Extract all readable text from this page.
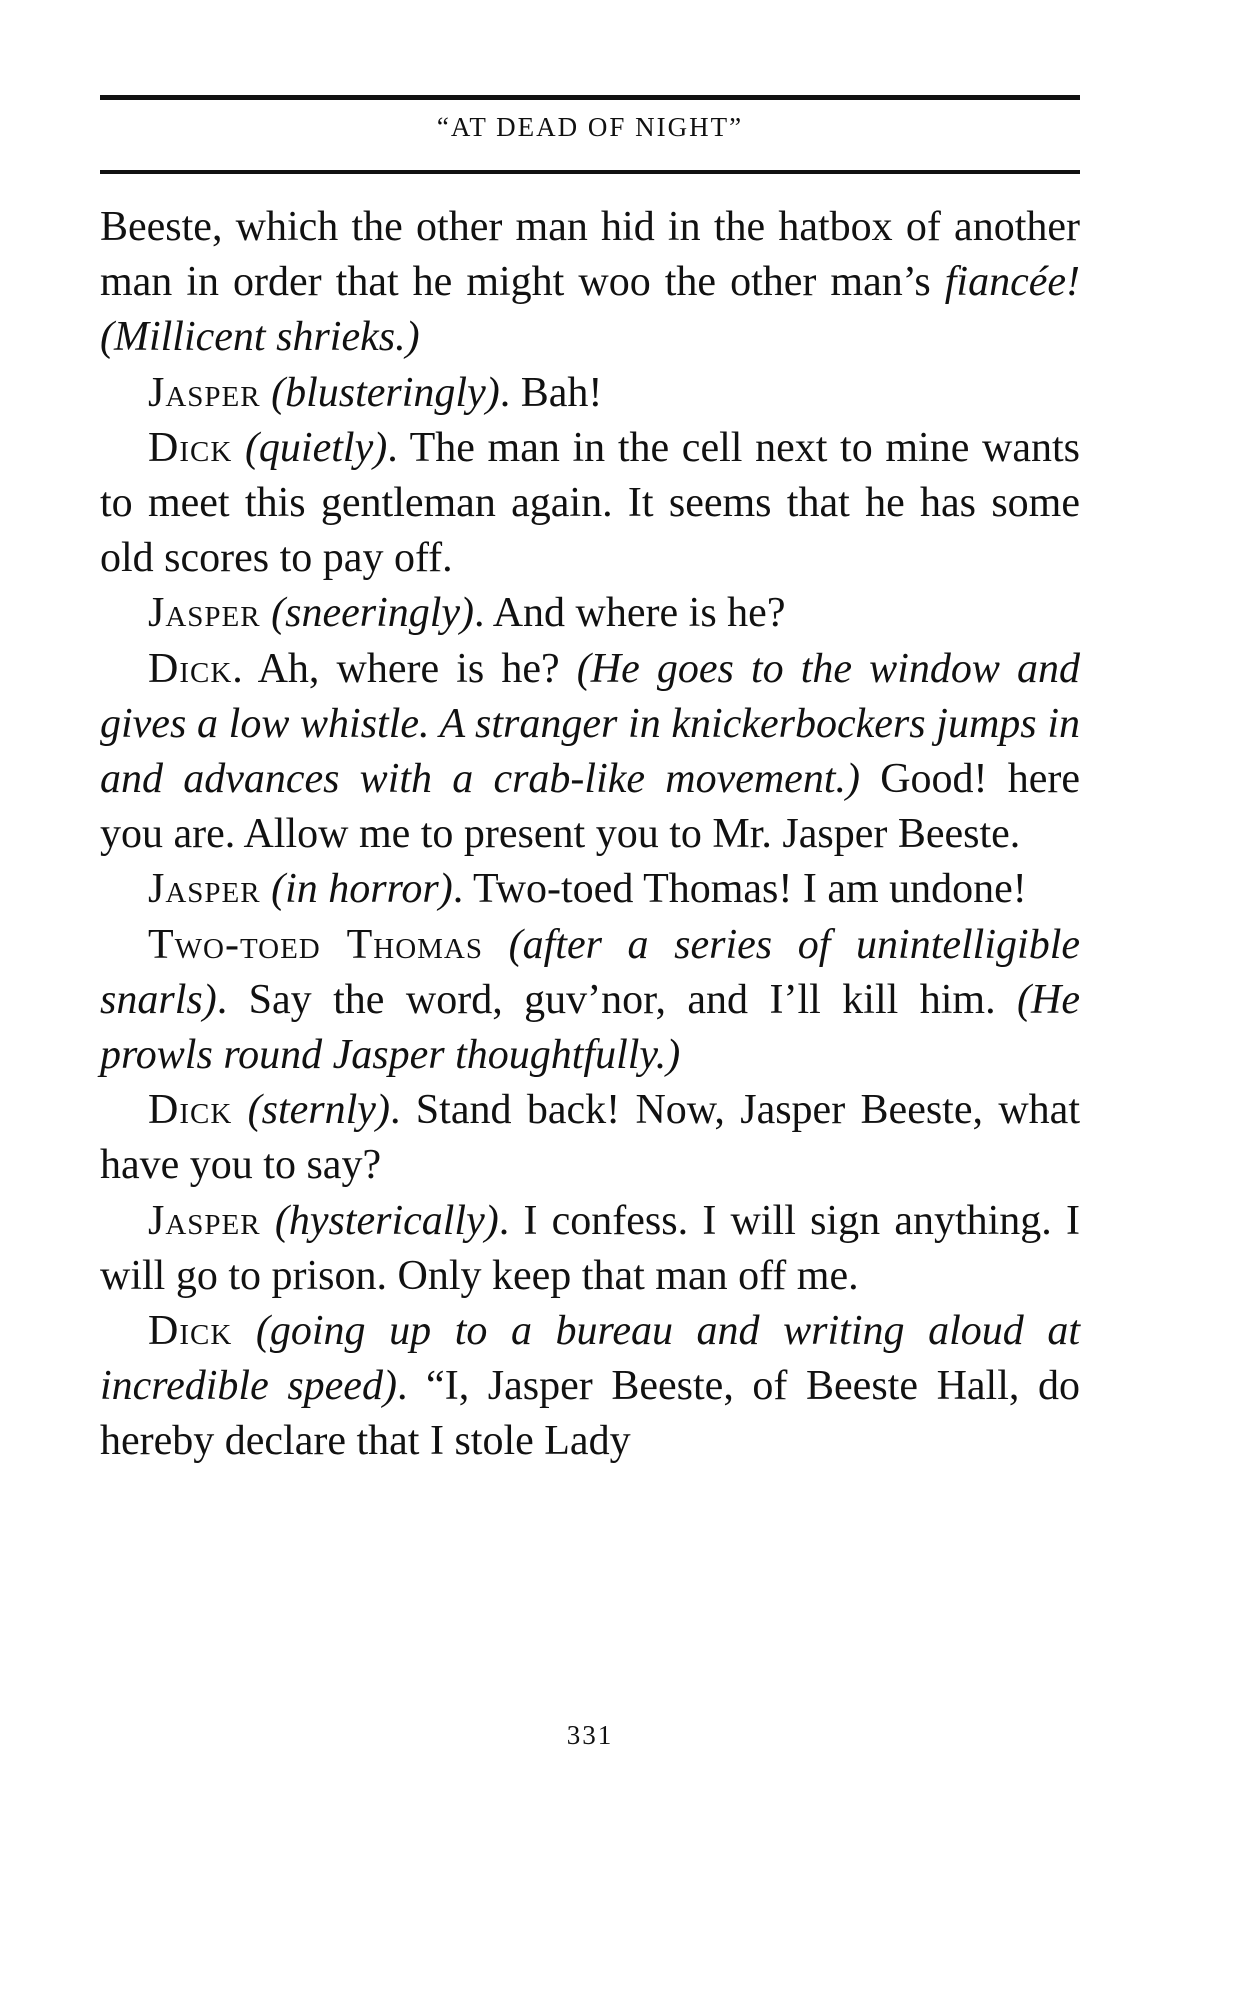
“AT DEAD OF NIGHT”

Beeste, which the other man hid in the hatbox of another man in order that he might woo the other man’s fiancée! (Millicent shrieks.)

Jasper (blusteringly). Bah!

Dick (quietly). The man in the cell next to mine wants to meet this gentleman again. It seems that he has some old scores to pay off.

Jasper (sneeringly). And where is he?

Dick. Ah, where is he? (He goes to the window and gives a low whistle. A stranger in knickerbockers jumps in and advances with a crab-like movement.) Good! here you are. Allow me to present you to Mr. Jasper Beeste.

Jasper (in horror). Two-toed Thomas! I am undone!

Two-toed Thomas (after a series of unintelligible snarls). Say the word, guv’nor, and I’ll kill him. (He prowls round Jasper thoughtfully.)

Dick (sternly). Stand back! Now, Jasper Beeste, what have you to say?

Jasper (hysterically). I confess. I will sign anything. I will go to prison. Only keep that man off me.

Dick (going up to a bureau and writing aloud at incredible speed). “I, Jasper Beeste, of Beeste Hall, do hereby declare that I stole Lady

331
